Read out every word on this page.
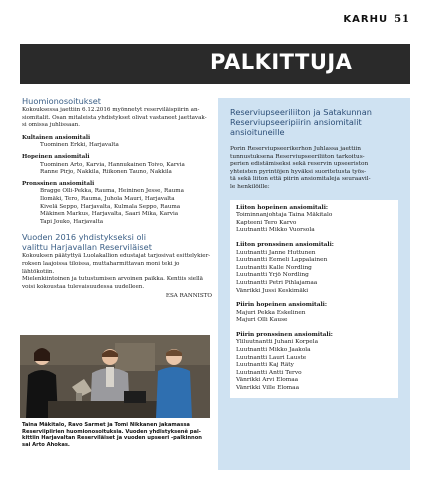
KARHU 51
PALKITTUJA
Huomionosoitukset
Kokouksessa jaettiin 6.12.2016 myönnetyt reserviläispiirin an-
siomitalit. Osan mitaleista yhdistykset olivat vastaneet jaettavak-
si omissa juhlissaan.
Kultainen ansiomitali
Tuominen Erkki, Harjavalta
Hopeinen ansiomitali
Tuominen Arto, Karvia, Hannukainen Toivo, Karvia
Ranne Pirjo, Nakkila, Riikonen Tauno, Nakkila
Pronssinen ansiomitali
Bragge Olli-Pekka, Rauma, Heininen Jesse, Rauma
Ilomäki, Tero, Rauma, Juhola Mauri, Harjavalta
Kivelä Seppo, Harjavalta, Kulmala Seppo, Rauma
Mäkinen Markus, Harjavalta, Saari Mika, Karvia
Tapi Jouko, Harjavalta
Vuoden 2016 yhdistykseksi oli
valittu Harjavallan Reserviläiset
Kokouksen päätyttyä Luolakallion edustajat tarjosivat esittelykier-
roksen laajoissa tiloissa, muttaharmittavan moni teki jo lähtökotiin.
Mielenkiintoinen ja tutustumisen arvoinen paikka. Kentiis siellä
voisi kokoustaa tulevaisuudessa uudelleen.
ESA RANNISTO
Taina Mäkitalo, Ravo Sarmet ja Tomi Nikkanen jakamassa
Reserviipiirien huomionosoituksia. Vuoden yhdistykseně pal-
kittiin Harjavaltan Reserviläiset ja vuoden upseeri -palkinnon
sai Arto Ahokas.
Reserviupseeriliiton ja Satakunnan
Reserviupseeripiirin ansiomitalit
ansioituneille
Porin Reserviupseerikerhon Juhlassa jaettiin
tunnustuksena Reserviupseeriliiton tarkoitus-
perien edistämiseksi sekä reservin upseeriston
yhteisten pyrintöjen hyväksi suoritetusta työs-
tä sekä liiton että piirin ansiomitaleja seuraavil-
le henkilöille:
Liiton hopeinen ansiomitali:
Toiminnanjohtaja Taina Mäkitalo
Kapteeni Tero Karvo
Luutnantti Mikko Vuorsola
Liiton pronssinen ansiomitali:
Luutnantti Janne Huttunen
Luutnantti Eemeli Lappalainen
Luutnantti Kalle Nordling
Luutnantti Yrjö Nordling
Luutnantti Petri Pihlajamaa
Vänrikki Jussi Keskimäki
Piirin hopeinen ansiomitali:
Majuri Pekka Eskelinen
Majuri Olli Kause
Piirin pronssinen ansiomitali:
Yliluutnantti Juhani Korpela
Luutnantti Mikko Jaakola
Luutnantti Lauri Lauste
Luutnantti Kaj Räty
Luutnantti Antti Tervo
Vänrikki Arvi Elomaa
Vänrikki Ville Elomaa
